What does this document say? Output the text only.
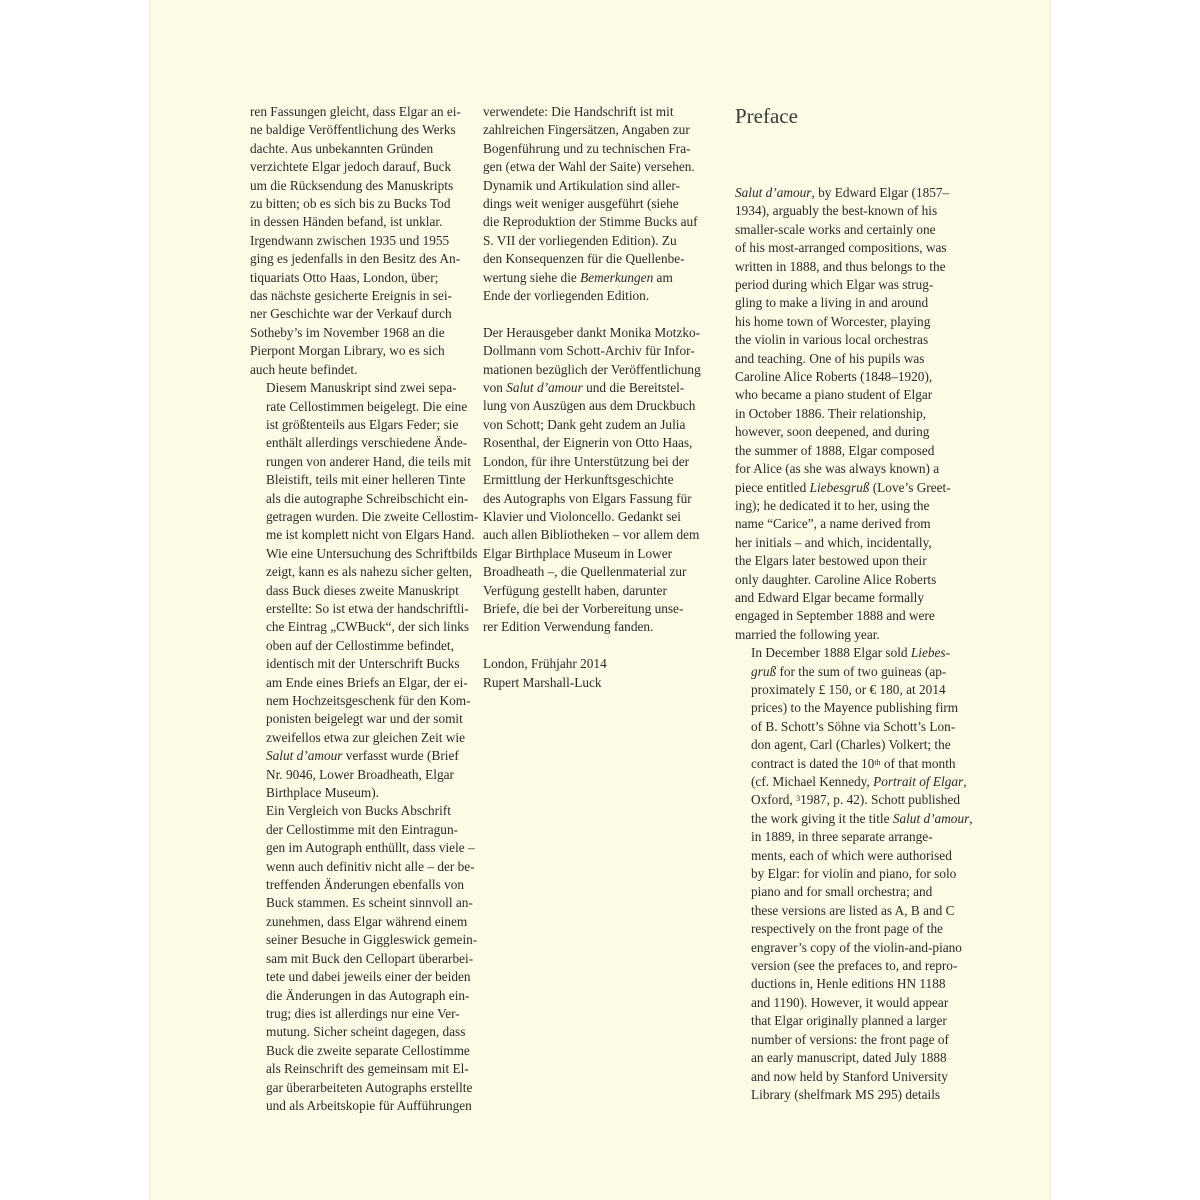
ren Fassungen gleicht, dass Elgar an ei-
ne baldige Veröffentlichung des Werks
dachte. Aus unbekannten Gründen
verzichtete Elgar jedoch darauf, Buck
um die Rücksendung des Manuskripts
zu bitten; ob es sich bis zu Bucks Tod
in dessen Händen befand, ist unklar.
Irgendwann zwischen 1935 und 1955
ging es jedenfalls in den Besitz des An-
tiquariats Otto Haas, London, über;
das nächste gesicherte Ereignis in sei-
ner Geschichte war der Verkauf durch
Sotheby’s im November 1968 an die
Pierpont Morgan Library, wo es sich
auch heute befindet.

Diesem Manuskript sind zwei sepa-
rate Cellostimmen beigelegt. Die eine
ist größtenteils aus Elgars Feder; sie
enthält allerdings verschiedene Ände-
rungen von anderer Hand, die teils mit
Bleistift, teils mit einer helleren Tinte
als die autographe Schreibschicht ein-
getragen wurden. Die zweite Cellostim-
me ist komplett nicht von Elgars Hand.
Wie eine Untersuchung des Schriftbilds
zeigt, kann es als nahezu sicher gelten,
dass Buck dieses zweite Manuskript
erstellte: So ist etwa der handschriftli-
che Eintrag „CWBuck“, der sich links
oben auf der Cellostimme befindet,
identisch mit der Unterschrift Bucks
am Ende eines Briefs an Elgar, der ei-
nem Hochzeitsgeschenk für den Kom-
ponisten beigelegt war und der somit
zweifellos etwa zur gleichen Zeit wie
Salut d’amour verfasst wurde (Brief
Nr. 9046, Lower Broadheath, Elgar
Birthplace Museum).

Ein Vergleich von Bucks Abschrift
der Cellostimme mit den Eintragun-
gen im Autograph enthüllt, dass viele –
wenn auch definitiv nicht alle – der be-
treffenden Änderungen ebenfalls von
Buck stammen. Es scheint sinnvoll an-
zunehmen, dass Elgar während einem
seiner Besuche in Giggleswick gemein-
sam mit Buck den Cellopart überarbei-
tete und dabei jeweils einer der beiden
die Änderungen in das Autograph ein-
trug; dies ist allerdings nur eine Ver-
mutung. Sicher scheint dagegen, dass
Buck die zweite separate Cellostimme
als Reinschrift des gemeinsam mit El-
gar überarbeiteten Autographs erstellte
und als Arbeitskopie für Aufführungen

verwendete: Die Handschrift ist mit
zahlreichen Fingersätzen, Angaben zur
Bogenführung und zu technischen Fra-
gen (etwa der Wahl der Saite) versehen.
Dynamik und Artikulation sind aller-
dings weit weniger ausgeführt (siehe
die Reproduktion der Stimme Bucks auf
S. VII der vorliegenden Edition). Zu
den Konsequenzen für die Quellenbe-
wertung siehe die Bemerkungen am
Ende der vorliegenden Edition.

Der Herausgeber dankt Monika Motzko-
Dollmann vom Schott-Archiv für Infor-
mationen bezüglich der Veröffentlichung
von Salut d’amour und die Bereitstel-
lung von Auszügen aus dem Druckbuch
von Schott; Dank geht zudem an Julia
Rosenthal, der Eignerin von Otto Haas,
London, für ihre Unterstützung bei der
Ermittlung der Herkunftsgeschichte
des Autographs von Elgars Fassung für
Klavier und Violoncello. Gedankt sei
auch allen Bibliotheken – vor allem dem
Elgar Birthplace Museum in Lower
Broadheath –, die Quellenmaterial zur
Verfügung gestellt haben, darunter
Briefe, die bei der Vorbereitung unse-
rer Edition Verwendung fanden.

London, Frühjahr 2014
Rupert Marshall-Luck

Preface

Salut d’amour, by Edward Elgar (1857–
1934), arguably the best-known of his
smaller-scale works and certainly one
of his most-arranged compositions, was
written in 1888, and thus belongs to the
period during which Elgar was strug-
gling to make a living in and around
his home town of Worcester, playing
the violin in various local orchestras
and teaching. One of his pupils was
Caroline Alice Roberts (1848–1920),
who became a piano student of Elgar
in October 1886. Their relationship,
however, soon deepened, and during
the summer of 1888, Elgar composed
for Alice (as she was always known) a
piece entitled Liebesgruß (Love’s Greet-
ing); he dedicated it to her, using the
name “Carice”, a name derived from
her initials – and which, incidentally,
the Elgars later bestowed upon their
only daughter. Caroline Alice Roberts
and Edward Elgar became formally
engaged in September 1888 and were
married the following year.

In December 1888 Elgar sold Liebes-
gruß for the sum of two guineas (ap-
proximately £ 150, or € 180, at 2014
prices) to the Mayence publishing firm
of B. Schott’s Söhne via Schott’s Lon-
don agent, Carl (Charles) Volkert; the
contract is dated the 10th of that month
(cf. Michael Kennedy, Portrait of Elgar,
Oxford, $^3$1987, p. 42). Schott published
the work giving it the title Salut d’amour,
in 1889, in three separate arrange-
ments, each of which were authorised
by Elgar: for violin and piano, for solo
piano and for small orchestra; and
these versions are listed as A, B and C
respectively on the front page of the
engraver’s copy of the violin-and-piano
version (see the prefaces to, and repro-
ductions in, Henle editions HN 1188
and 1190). However, it would appear
that Elgar originally planned a larger
number of versions: the front page of
an early manuscript, dated July 1888
and now held by Stanford University
Library (shelfmark MS 295) details
